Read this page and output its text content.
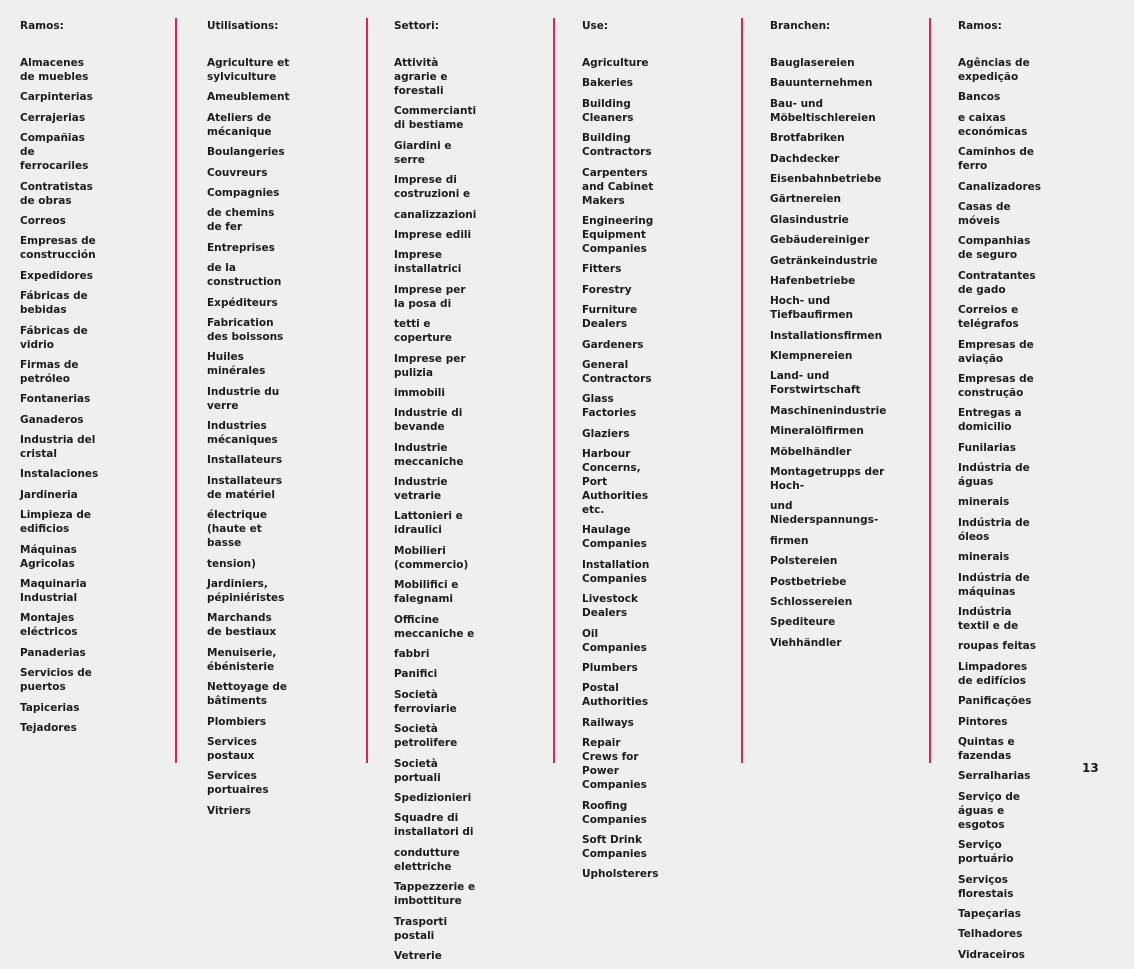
Ramos:
Almacenes de muebles
Carpinterias
Cerrajerias
Compañias de ferrocariles
Contratistas de obras
Correos
Empresas de construcción
Expedidores
Fábricas de bebidas
Fábricas de vidrio
Firmas de petróleo
Fontanerias
Ganaderos
Industria del cristal
Instalaciones
Jardineria
Limpieza de edificios
Máquinas Agricolas
Maquinaria Industrial
Montajes eléctricos
Panaderias
Servicios de puertos
Tapicerias
Tejadores
Utilisations:
Agriculture et sylviculture
Ameublement
Ateliers de mécanique
Boulangeries
Couvreurs
Compagnies
de chemins de fer
Entreprises
de la construction
Expéditeurs
Fabrication des boissons
Huiles minérales
Industrie du verre
Industries mécaniques
Installateurs
Installateurs de matériel
électrique (haute et basse
tension)
Jardiniers, pépiniéristes
Marchands de bestiaux
Menuiserie, ébénisterie
Nettoyage de bâtiments
Plombiers
Services postaux
Services portuaires
Vitriers
Settori:
Attività agrarie e forestali
Commercianti di bestiame
Giardini e serre
Imprese di costruzioni e
canalizzazioni
Imprese edili
Imprese installatrici
Imprese per la posa di
tetti e coperture
Imprese per pulizia
immobili
Industrie di bevande
Industrie meccaniche
Industrie vetrarie
Lattonieri e idraulici
Mobilieri (commercio)
Mobilifici e falegnami
Officine meccaniche e
fabbri
Panifici
Società ferroviarie
Società petrolifere
Società portuali
Spedizionieri
Squadre di installatori di
condutture elettriche
Tappezzerie e imbottiture
Trasporti postali
Vetrerie
Use:
Agriculture
Bakeries
Building Cleaners
Building Contractors
Carpenters and Cabinet
Makers
Engineering Equipment
Companies
Fitters
Forestry
Furniture Dealers
Gardeners
General Contractors
Glass Factories
Glaziers
Harbour Concerns,
Port Authorities etc.
Haulage Companies
Installation Companies
Livestock Dealers
Oil Companies
Plumbers
Postal Authorities
Railways
Repair Crews for
Power Companies
Roofing Companies
Soft Drink Companies
Upholsterers
Branchen:
Bauglasereien
Bauunternehmen
Bau- und Möbeltischlereien
Brotfabriken
Dachdecker
Eisenbahnbetriebe
Gärtnereien
Glasindustrie
Gebäudereiniger
Getränkeindustrie
Hafenbetriebe
Hoch- und Tiefbaufirmen
Installationsfirmen
Klempnereien
Land- und Forstwirtschaft
Maschinenindustrie
Mineralölfirmen
Möbelhändler
Montagetrupps der Hoch-
und Niederspannungs-
firmen
Polstereien
Postbetriebe
Schlossereien
Spediteure
Viehhändler
Ramos:
Agências de expedição
Bancos
e caixas económicas
Caminhos de ferro
Canalizadores
Casas de móveis
Companhias de seguro
Contratantes de gado
Correios e telégrafos
Empresas de aviação
Empresas de construção
Entregas a domicilio
Funilarias
Indústria de águas
minerais
Indústria de óleos
minerais
Indústria de máquinas
Indústria textil e de
roupas feitas
Limpadores de edifícios
Panificações
Pintores
Quintas e fazendas
Serralharias
Serviço de águas e esgotos
Serviço portuário
Serviços florestais
Tapeçarias
Telhadores
Vidraceiros
13
